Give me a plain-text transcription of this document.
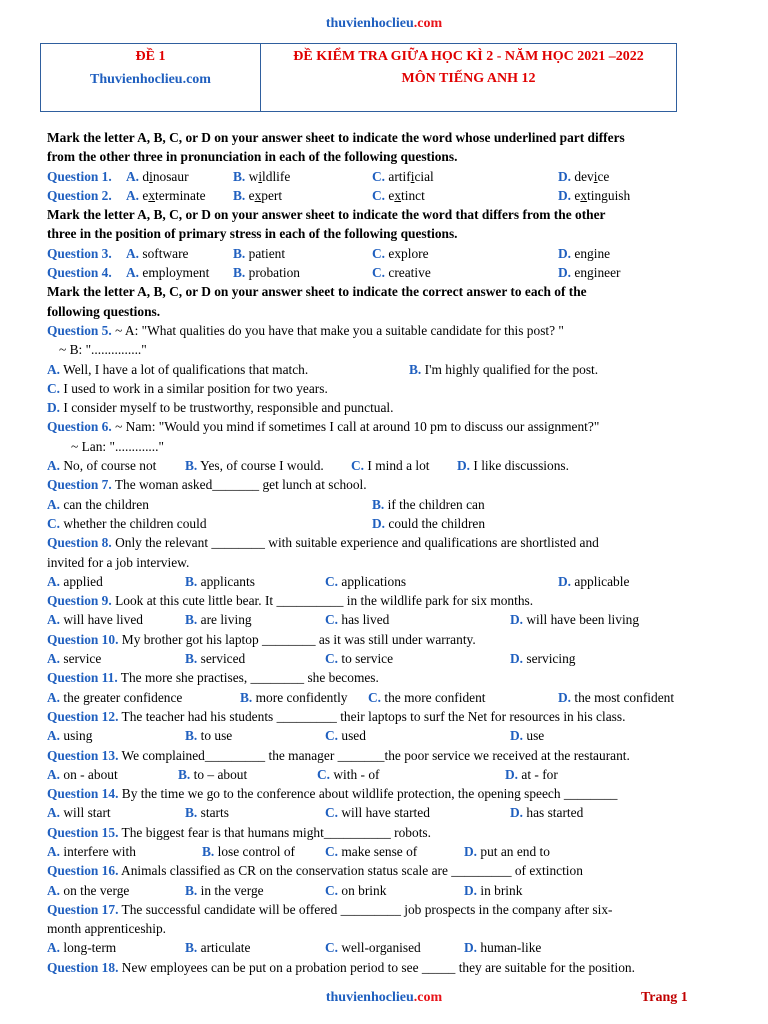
thuvienhoclieu.com
ĐỀ 1
Thuvienhoclieu.com
ĐỀ KIỂM TRA GIỮA HỌC KÌ 2 - NĂM HỌC 2021 –2022
MÔN TIẾNG ANH 12
Mark the letter A, B, C, or D on your answer sheet to indicate the word whose underlined part differs
from the other three in pronunciation in each of the following questions.
Question 1. A. dinosaur	B. wildlife	C. artificial	D. device
Question 2. A. exterminate B. expert	C. extinct	D. extinguish
Mark the letter A, B, C, or D on your answer sheet to indicate the word that differs from the other
three in the position of primary stress in each of the following questions.
Question 3. A. software	B. patient	C. explore	D. engine
Question 4. A. employment B. probation	C. creative	D. engineer
Mark the letter A, B, C, or D on your answer sheet to indicate the correct answer to each of the
following questions.
Question 5. ~ A: "What qualities do you have that make you a suitable candidate for this post? "
~ B: "..............."
A. Well, I have a lot of qualifications that match.	B. I'm highly qualified for the post.
C. I used to work in a similar position for two years.
D. I consider myself to be trustworthy, responsible and punctual.
Question 6. ~ Nam: "Would you mind if sometimes I call at around 10 pm to discuss our assignment?"
~ Lan: "............."
A. No, of course not B. Yes, of course I would. C. I mind a lot D. I like discussions.
Question 7. The woman asked_______ get lunch at school.
A. can the children	B. if the children can
C. whether the children could	D. could the children
Question 8. Only the relevant ________ with suitable experience and qualifications are shortlisted and
invited for a job interview.
A. applied	B. applicants	C. applications	D. applicable
Question 9. Look at this cute little bear. It __________ in the wildlife park for six months.
A. will have lived	B. are living	C. has lived	D. will have been living
Question 10. My brother got his laptop ________ as it was still under warranty.
A. service	B. serviced	C. to service	D. servicing
Question 11. The more she practises, ________ she becomes.
A. the greater confidence	B. more confidently C. the more confident	D. the most confident
Question 12. The teacher had his students _________ their laptops to surf the Net for resources in his class.
A. using	B. to use	C. used	D. use
Question 13. We complained_________ the manager _______the poor service we received at the restaurant.
A. on - about	B. to – about	C. with - of	D. at - for
Question 14. By the time we go to the conference about wildlife protection, the opening speech ________
A. will start	B. starts	C. will have started	D. has started
Question 15. The biggest fear is that humans might__________ robots.
A. interfere with	B. lose control of C. make sense of	D. put an end to
Question 16. Animals classified as CR on the conservation status scale are _________ of extinction
A. on the verge	B. in the verge	C. on brink	D. in brink
Question 17. The successful candidate will be offered _________ job prospects in the company after six-
month apprenticeship.
A. long-term	B. articulate	C. well-organised	D. human-like
Question 18. New employees can be put on a probation period to see _____ they are suitable for the position.
thuvienhoclieu.com	Trang 1
